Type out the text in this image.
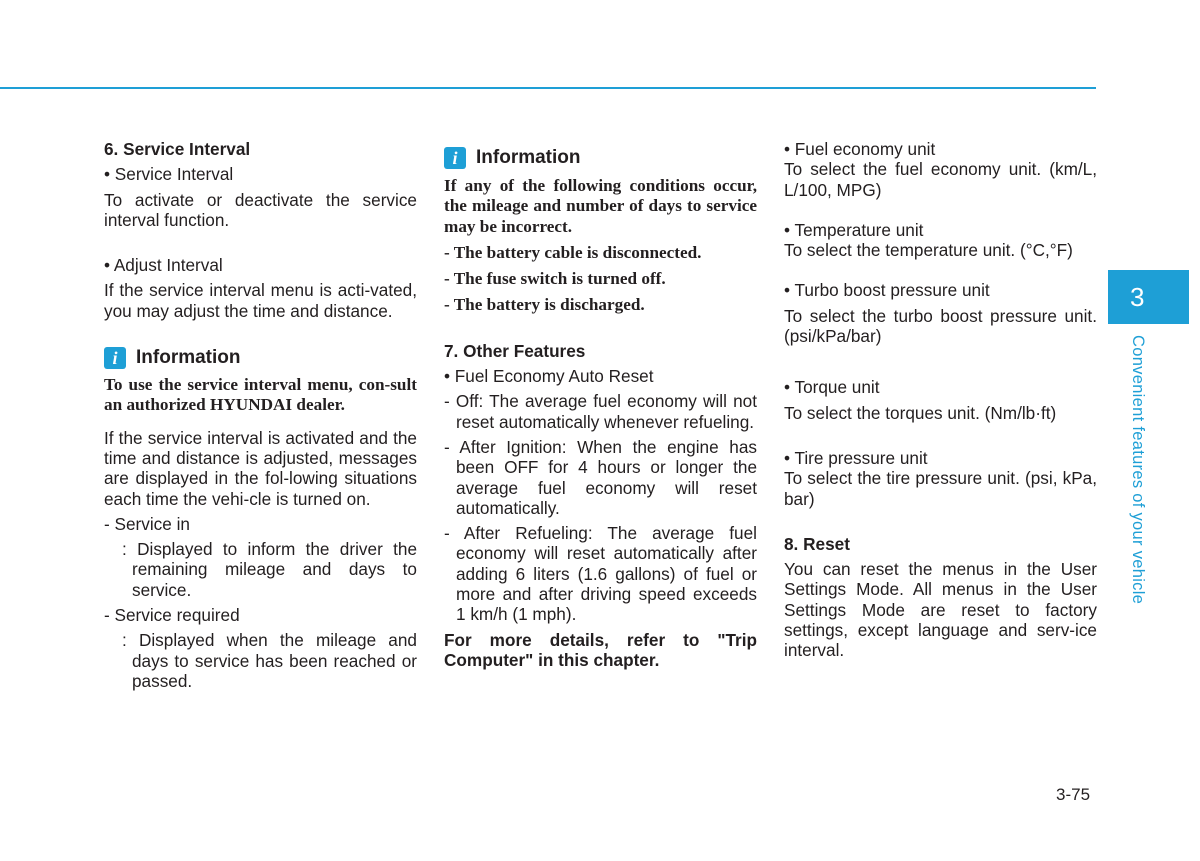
6. Service Interval

• Service Interval

To activate or deactivate the service interval function.

• Adjust Interval

If the service interval menu is acti-vated, you may adjust the time and distance.

i Information

To use the service interval menu, con-sult an authorized HYUNDAI dealer.

If the service interval is activated and the time and distance is adjusted, messages are displayed in the fol-lowing situations each time the vehi-cle is turned on.

- Service in

: Displayed to inform the driver the remaining mileage and days to service.

- Service required

: Displayed when the mileage and days to service has been reached or passed.

i Information

If any of the following conditions occur, the mileage and number of days to service may be incorrect.

- The battery cable is disconnected.

- The fuse switch is turned off.

- The battery is discharged.

7. Other Features

• Fuel Economy Auto Reset

- Off: The average fuel economy will not reset automatically whenever refueling.

- After Ignition: When the engine has been OFF for 4 hours or longer the average fuel economy will reset automatically.

- After Refueling: The average fuel economy will reset automatically after adding 6 liters (1.6 gallons) of fuel or more and after driving speed exceeds 1 km/h (1 mph).

For more details, refer to "Trip Computer" in this chapter.

• Fuel economy unit

To select the fuel economy unit. (km/L, L/100, MPG)

• Temperature unit

To select the temperature unit. (°C,°F)

• Turbo boost pressure unit

To select the turbo boost pressure unit. (psi/kPa/bar)

• Torque unit

To select the torques unit. (Nm/lb·ft)

• Tire pressure unit

To select the tire pressure unit. (psi, kPa, bar)

8. Reset

You can reset the menus in the User Settings Mode. All menus in the User Settings Mode are reset to factory settings, except language and serv-ice interval.

3
Convenient features of your vehicle
3-75
